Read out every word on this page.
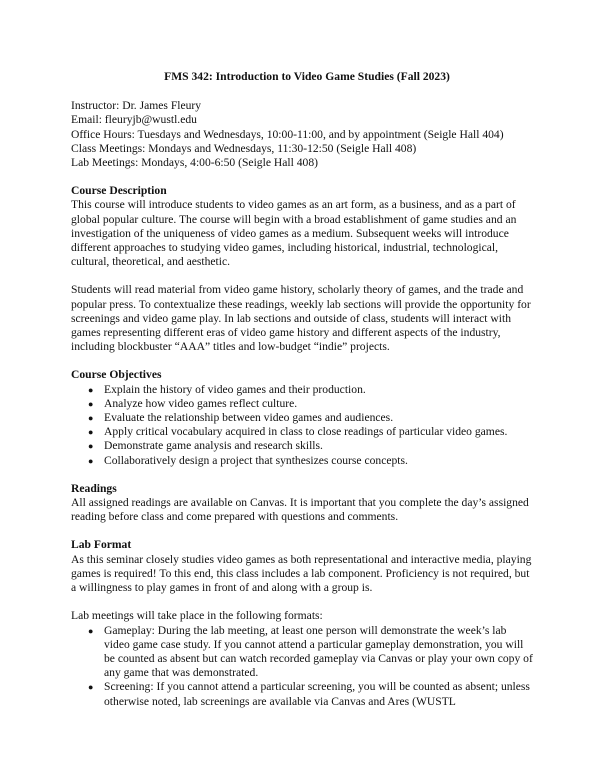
FMS 342: Introduction to Video Game Studies (Fall 2023)
Instructor: Dr. James Fleury
Email: fleuryjb@wustl.edu
Office Hours: Tuesdays and Wednesdays, 10:00-11:00, and by appointment (Seigle Hall 404)
Class Meetings: Mondays and Wednesdays, 11:30-12:50 (Seigle Hall 408)
Lab Meetings: Mondays, 4:00-6:50 (Seigle Hall 408)
Course Description

This course will introduce students to video games as an art form, as a business, and as a part of global popular culture. The course will begin with a broad establishment of game studies and an investigation of the uniqueness of video games as a medium. Subsequent weeks will introduce different approaches to studying video games, including historical, industrial, technological, cultural, theoretical, and aesthetic.

Students will read material from video game history, scholarly theory of games, and the trade and popular press. To contextualize these readings, weekly lab sections will provide the opportunity for screenings and video game play. In lab sections and outside of class, students will interact with games representing different eras of video game history and different aspects of the industry, including blockbuster “AAA” titles and low-budget “indie” projects.

Course Objectives
● Explain the history of video games and their production.
● Analyze how video games reflect culture.
● Evaluate the relationship between video games and audiences.
● Apply critical vocabulary acquired in class to close readings of particular video games.
● Demonstrate game analysis and research skills.
● Collaboratively design a project that synthesizes course concepts.
Readings

All assigned readings are available on Canvas. It is important that you complete the day’s assigned reading before class and come prepared with questions and comments.

Lab Format

As this seminar closely studies video games as both representational and interactive media, playing games is required! To this end, this class includes a lab component. Proficiency is not required, but a willingness to play games in front of and along with a group is.

Lab meetings will take place in the following formats:

● Gameplay: During the lab meeting, at least one person will demonstrate the week’s lab video game case study. If you cannot attend a particular gameplay demonstration, you will be counted as absent but can watch recorded gameplay via Canvas or play your own copy of any game that was demonstrated.
● Screening: If you cannot attend a particular screening, you will be counted as absent; unless otherwise noted, lab screenings are available via Canvas and Ares (WUSTL
